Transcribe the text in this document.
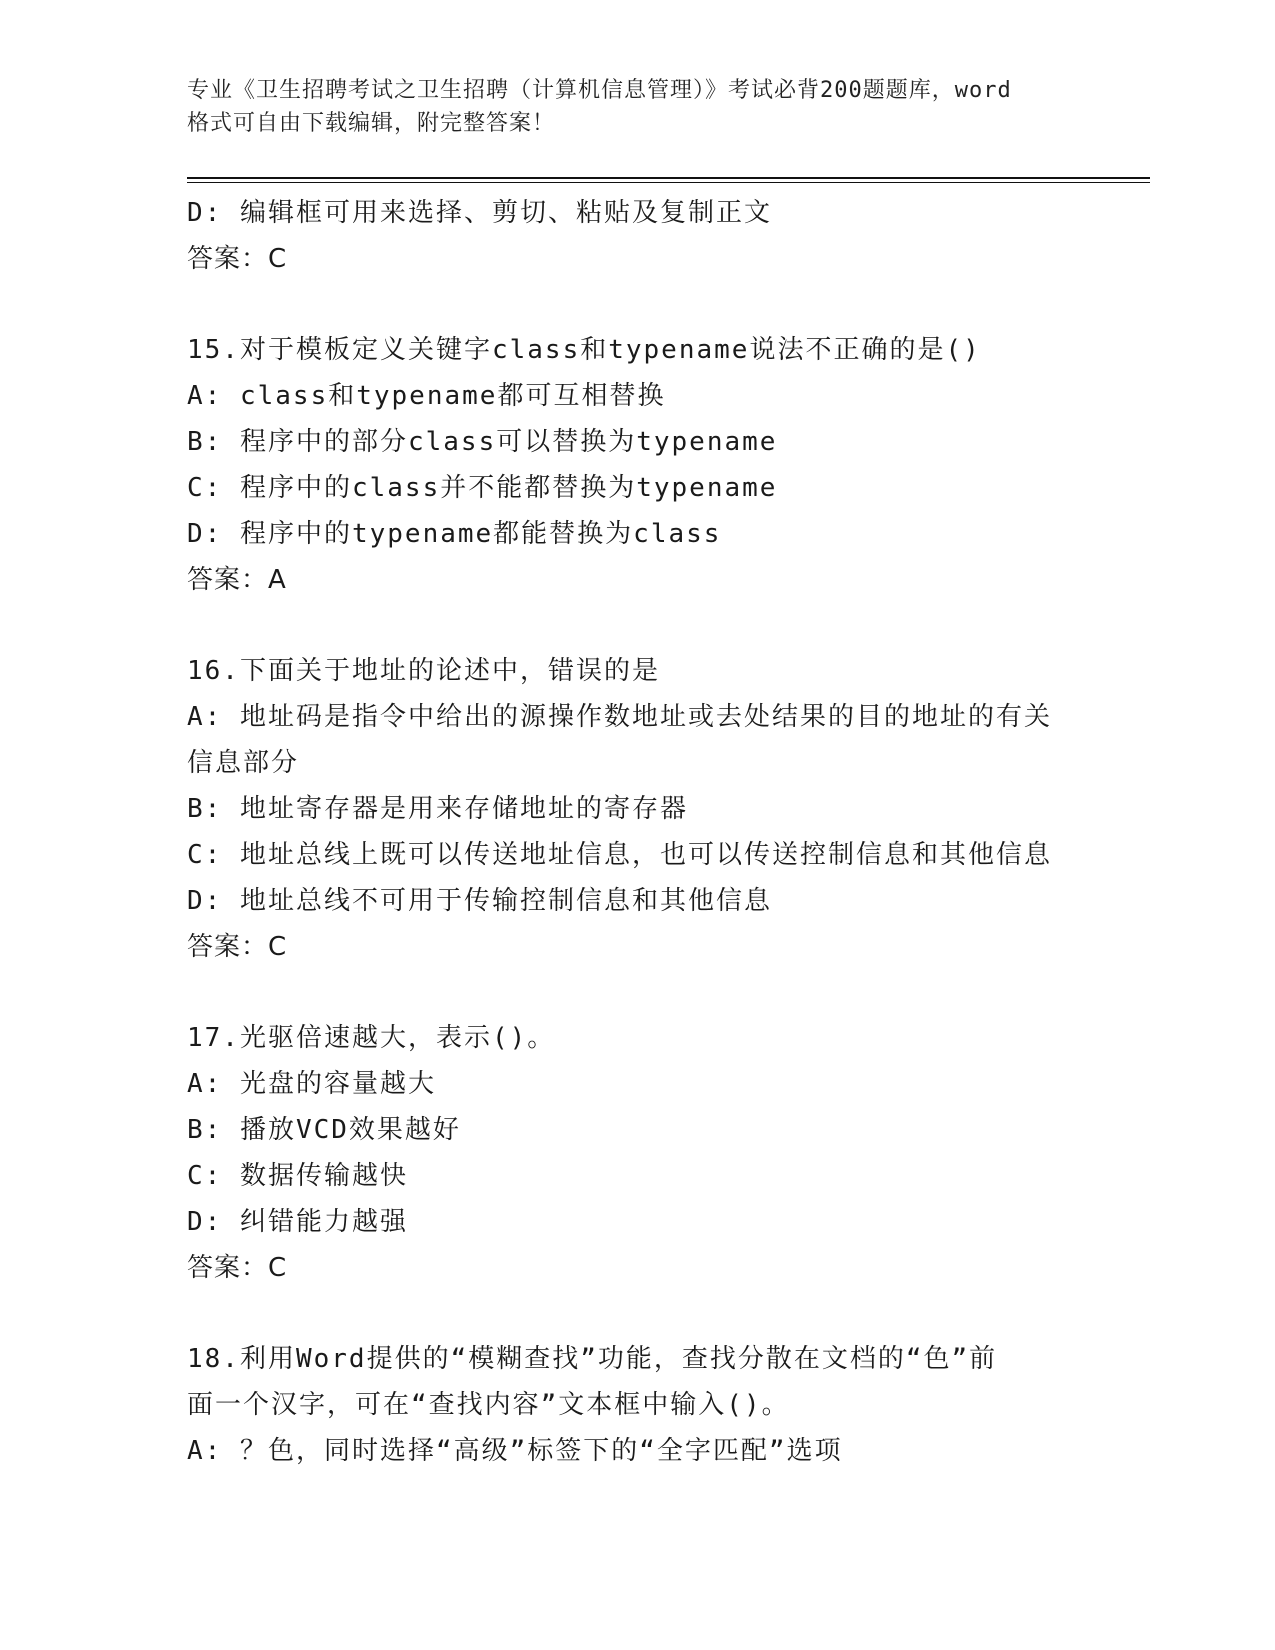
专业《卫生招聘考试之卫生招聘（计算机信息管理）》考试必背200题题库，word
格式可自由下载编辑，附完整答案！
D: 编辑框可用来选择、剪切、粘贴及复制正文
答案：C
15.对于模板定义关键字class和typename说法不正确的是()
A: class和typename都可互相替换
B: 程序中的部分class可以替换为typename
C: 程序中的class并不能都替换为typename
D: 程序中的typename都能替换为class
答案：A
16.下面关于地址的论述中，错误的是
A: 地址码是指令中给出的源操作数地址或去处结果的目的地址的有关
信息部分
B: 地址寄存器是用来存储地址的寄存器
C: 地址总线上既可以传送地址信息，也可以传送控制信息和其他信息
D: 地址总线不可用于传输控制信息和其他信息
答案：C
17.光驱倍速越大，表示()。
A: 光盘的容量越大
B: 播放VCD效果越好
C: 数据传输越快
D: 纠错能力越强
答案：C
18.利用Word提供的“模糊查找”功能，查找分散在文档的“色”前
面一个汉字，可在“查找内容”文本框中输入()。
A: ？色，同时选择“高级”标签下的“全字匹配”选项
